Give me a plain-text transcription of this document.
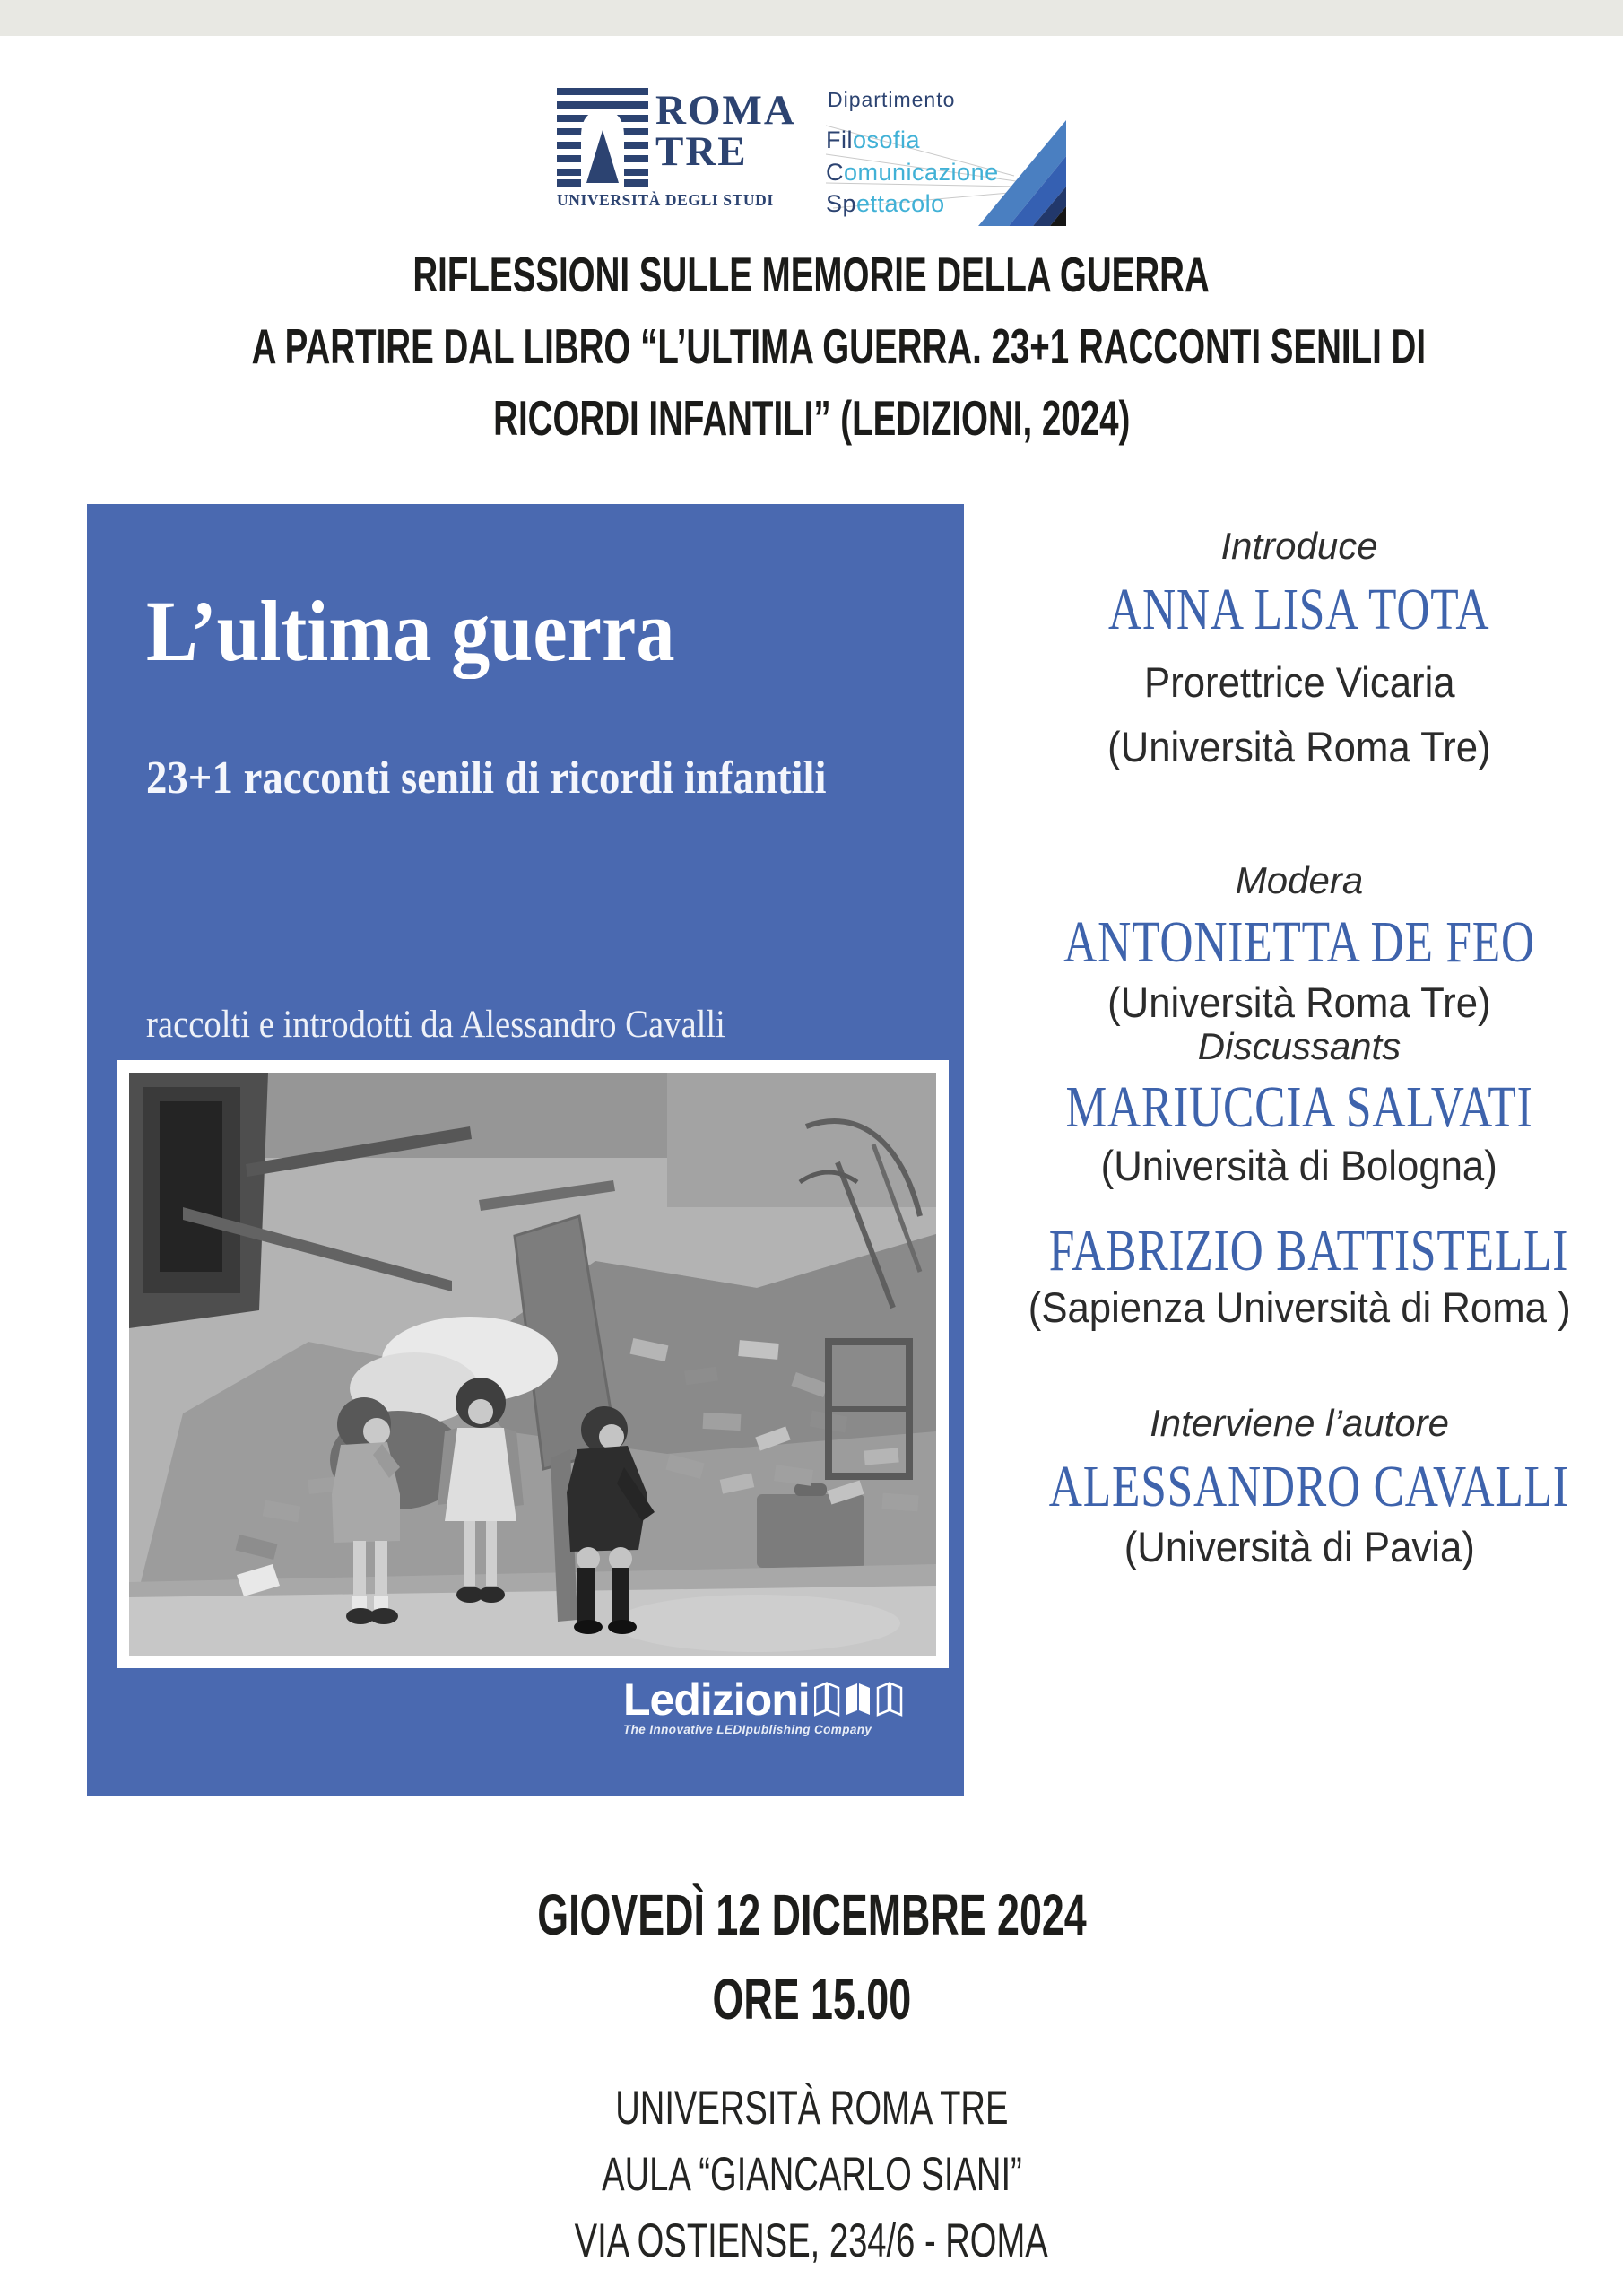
ROMA
TRE
UNIVERSITÀ DEGLI STUDI
Dipartimento
Filosofia
Comunicazione
Spettacolo
RIFLESSIONI SULLE MEMORIE DELLA GUERRA
A PARTIRE DAL LIBRO “L’ULTIMA GUERRA. 23+1 RACCONTI SENILI DI
RICORDI INFANTILI” (LEDIZIONI, 2024)
L’ultima guerra
23+1 racconti senili di ricordi infantili
raccolti e introdotti da Alessandro Cavalli
Ledizioni
The Innovative LEDIpublishing Company
Introduce
ANNA LISA TOTA
Prorettrice Vicaria
(Università Roma Tre)
Modera
ANTONIETTA DE FEO
(Università Roma Tre)
Discussants
MARIUCCIA SALVATI
(Università di Bologna)
FABRIZIO BATTISTELLI
(Sapienza Università di Roma )
Interviene l’autore
ALESSANDRO CAVALLI
(Università di Pavia)
GIOVEDÌ 12 DICEMBRE 2024
ORE 15.00
UNIVERSITÀ ROMA TRE
AULA “GIANCARLO SIANI”
VIA OSTIENSE, 234/6 - ROMA
